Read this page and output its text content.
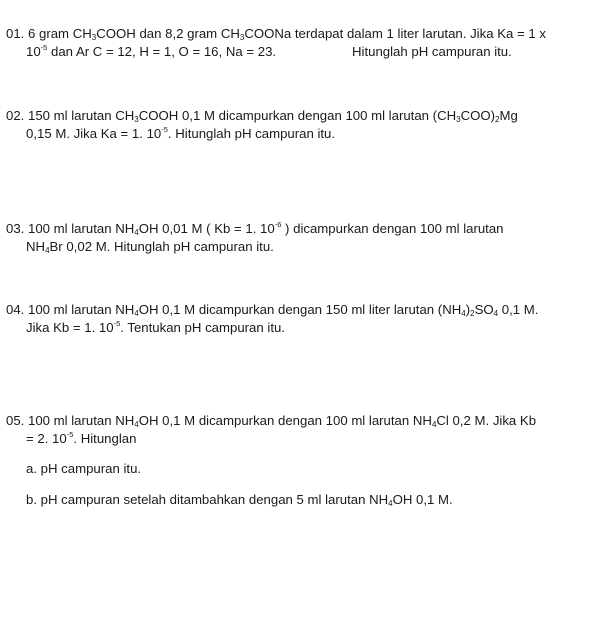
01. 6 gram $CH_3COOH$ dan 8,2 gram $CH_3COONa$ terdapat dalam 1 liter larutan. Jika Ka = 1 x
$10^{-5}$ dan Ar C = 12, H = 1, O = 16, Na = 23.	Hitunglah pH campuran itu.
02. 150 ml larutan $CH_3COOH$ 0,1 M dicampurkan dengan 100 ml larutan $(CH_3COO)_2Mg$
0,15 M. Jika Ka = 1. $10^{-5}$. Hitunglah pH campuran itu.
03. 100 ml larutan $NH_4OH$ 0,01 M ( Kb = 1. $10^{-6}$ ) dicampurkan dengan 100 ml larutan
$NH_4Br$ 0,02 M. Hitunglah pH campuran itu.
04. 100 ml larutan $NH_4OH$ 0,1 M dicampurkan dengan 150 ml liter larutan $(NH_4)_2SO_4$ 0,1 M.
Jika Kb = 1. $10^{-5}$. Tentukan pH campuran itu.
05. 100 ml larutan $NH_4OH$ 0,1 M dicampurkan dengan 100 ml larutan $NH_4Cl$ 0,2 M. Jika Kb
= 2. $10^{-5}$. Hitunglan
a. pH campuran itu.
b. pH campuran setelah ditambahkan dengan 5 ml larutan $NH_4OH$ 0,1 M.
